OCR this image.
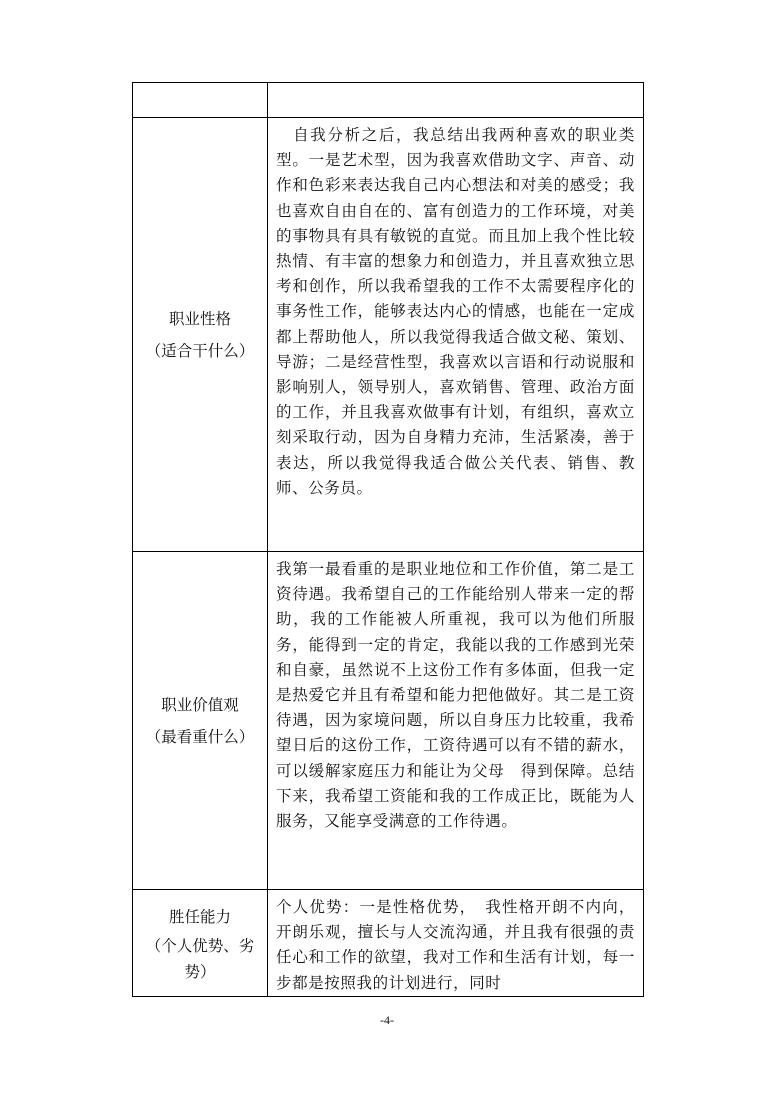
职业性格
（适合干什么）	　自我分析之后，我总结出我两种喜欢的职业类型。一是艺术型，因为我喜欢借助文字、声音、动作和色彩来表达我自己内心想法和对美的感受；我也喜欢自由自在的、富有创造力的工作环境，对美的事物具有具有敏锐的直觉。而且加上我个性比较热情、有丰富的想象力和创造力，并且喜欢独立思考和创作，所以我希望我的工作不太需要程序化的事务性工作，能够表达内心的情感，也能在一定成都上帮助他人，所以我觉得我适合做文秘、策划、导游；二是经营性型，我喜欢以言语和行动说服和影响别人，领导别人，喜欢销售、管理、政治方面的工作，并且我喜欢做事有计划，有组织，喜欢立刻采取行动，因为自身精力充沛，生活紧凑，善于表达，所以我觉得我适合做公关代表、销售、教师、公务员。

职业价值观
（最看重什么）	我第一最看重的是职业地位和工作价值，第二是工资待遇。我希望自己的工作能给别人带来一定的帮助，我的工作能被人所重视，我可以为他们所服务，能得到一定的肯定，我能以我的工作感到光荣和自豪，虽然说不上这份工作有多体面，但我一定是热爱它并且有希望和能力把他做好。其二是工资待遇，因为家境问题，所以自身压力比较重，我希望日后的这份工作，工资待遇可以有不错的薪水，可以缓解家庭压力和能让为父母　得到保障。总结下来，我希望工资能和我的工作成正比，既能为人服务，又能享受满意的工作待遇。

胜任能力
（个人优势、劣势）	个人优势：一是性格优势，　我性格开朗不内向，开朗乐观，擅长与人交流沟通，并且我有很强的责任心和工作的欲望，我对工作和生活有计划，每一步都是按照我的计划进行，同时

-4-
